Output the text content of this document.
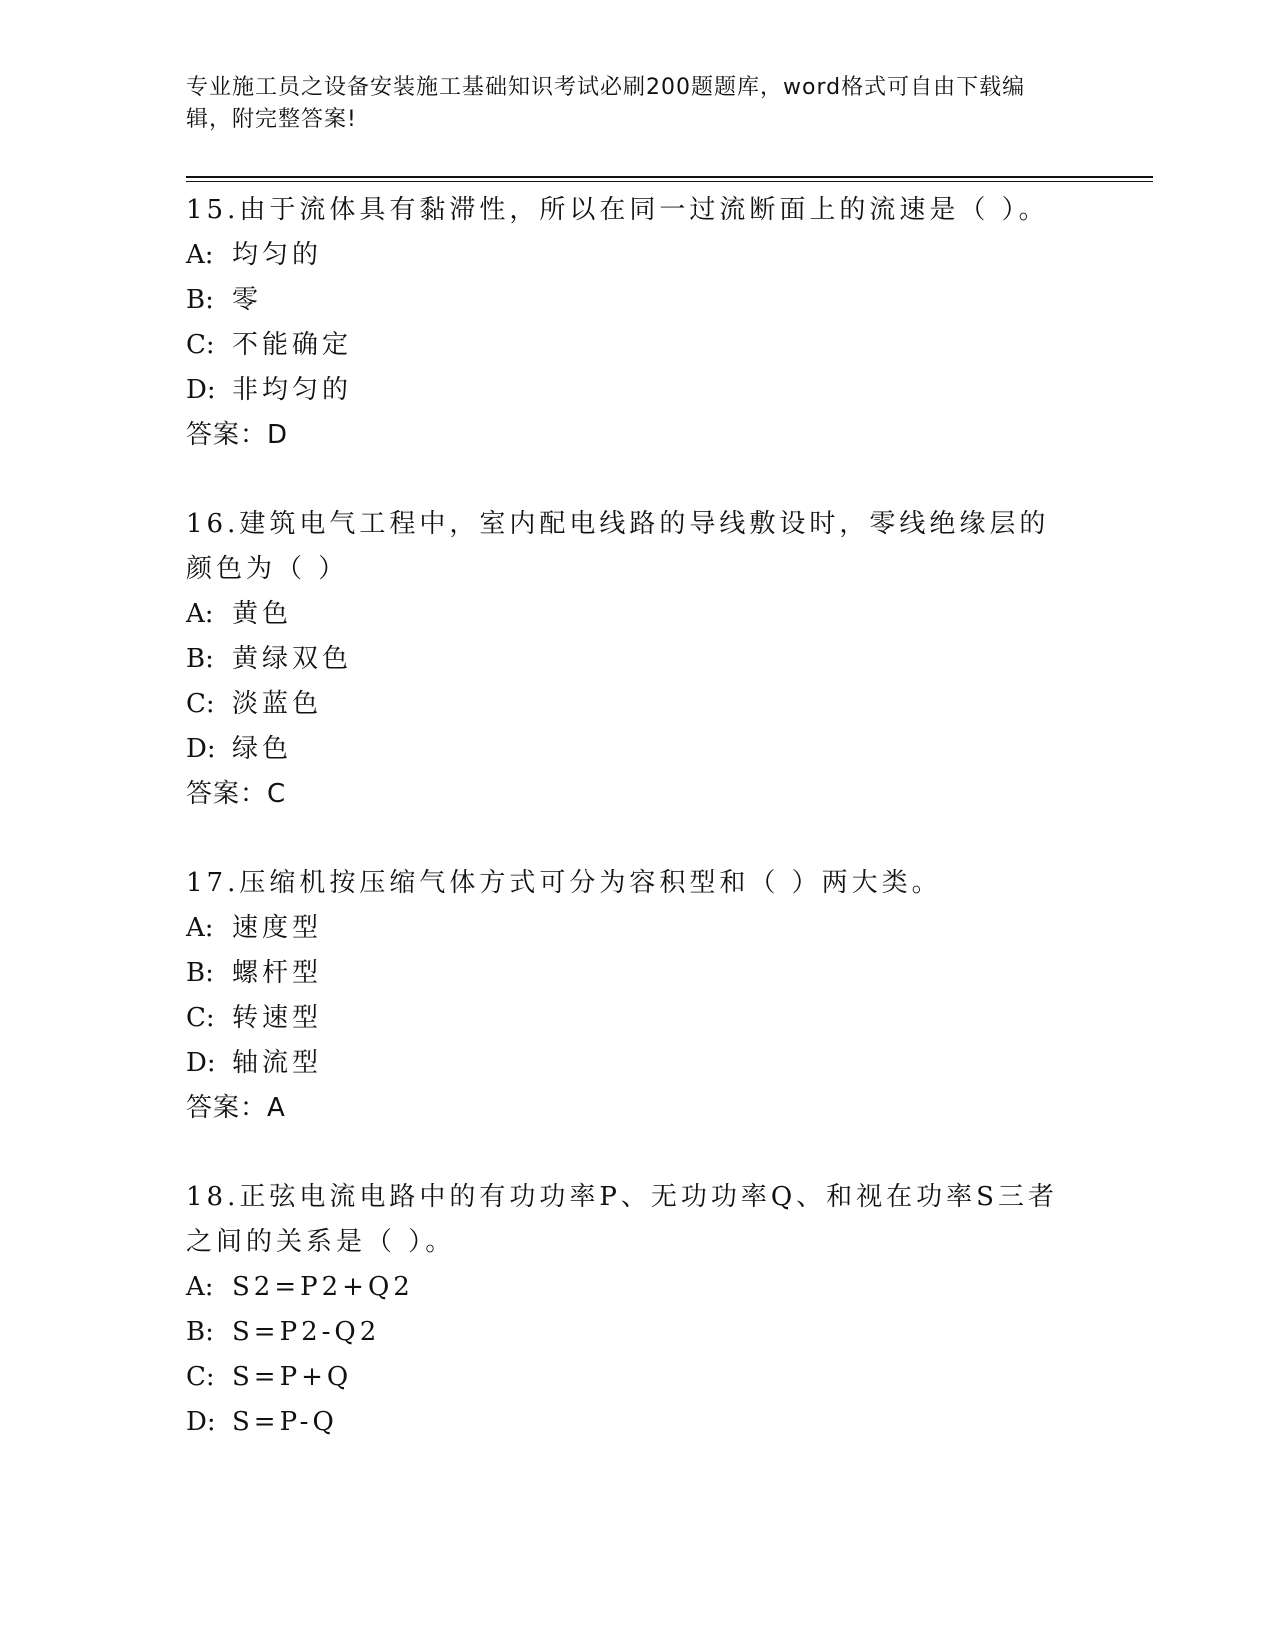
专业施工员之设备安装施工基础知识考试必刷200题题库，word格式可自由下载编辑，附完整答案!

15.由于流体具有黏滞性，所以在同一过流断面上的流速是（ ）。

A: 均匀的
B: 零
C: 不能确定
D: 非均匀的

答案：D

16.建筑电气工程中，室内配电线路的导线敷设时，零线绝缘层的颜色为（ ）

A: 黄色
B: 黄绿双色
C: 淡蓝色
D: 绿色

答案：C

17.压缩机按压缩气体方式可分为容积型和（ ）两大类。

A: 速度型
B: 螺杆型
C: 转速型
D: 轴流型

答案：A

18.正弦电流电路中的有功功率P、无功功率Q、和视在功率S三者之间的关系是（ ）。

A: S2=P2+Q2
B: S=P2-Q2
C: S=P+Q
D: S=P-Q
